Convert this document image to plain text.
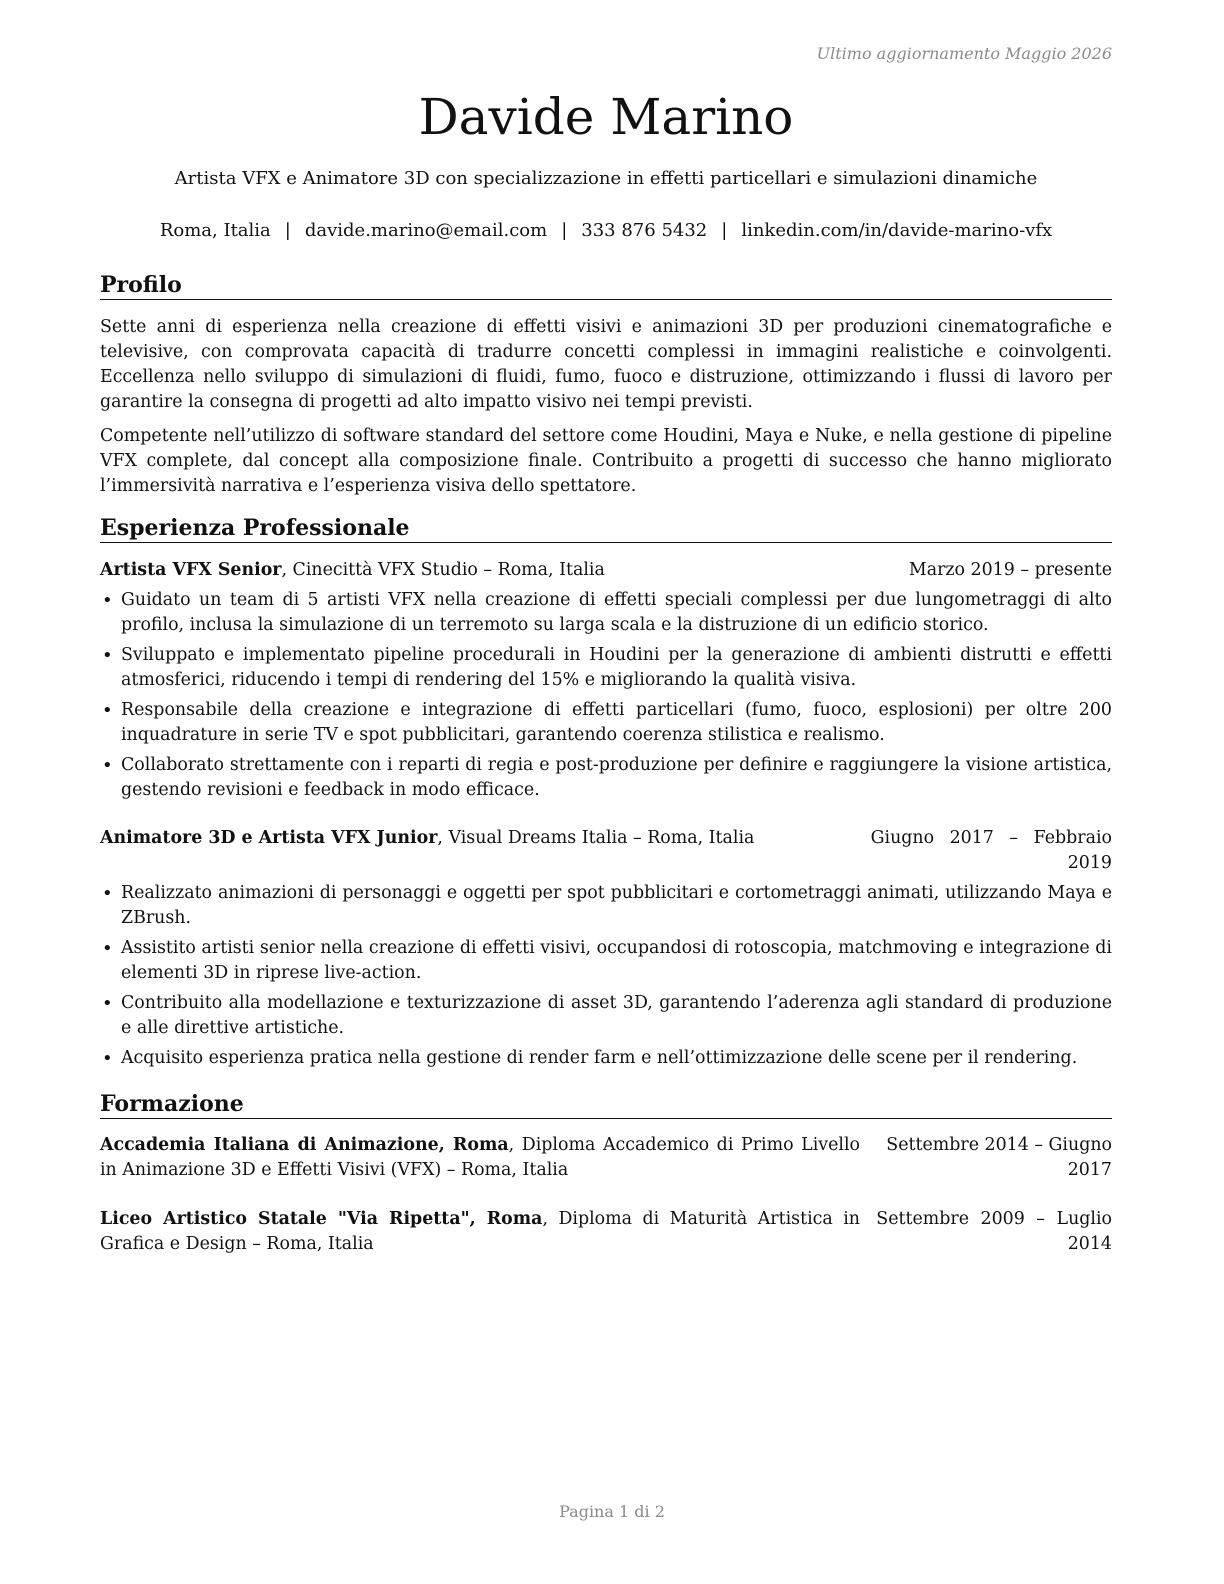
Ultimo aggiornamento Maggio 2026
Davide Marino
Artista VFX e Animatore 3D con specializzazione in effetti particellari e simulazioni dinamiche
Roma, Italia | davide.marino@email.com | 333 876 5432 | linkedin.com/in/davide-marino-vfx
Profilo

Sette anni di esperienza nella creazione di effetti visivi e animazioni 3D per produzioni cinematografiche e televisive, con comprovata capacità di tradurre concetti complessi in immagini realistiche e coinvolgenti. Eccellenza nello sviluppo di simulazioni di fluidi, fumo, fuoco e distruzione, ottimizzando i flussi di lavoro per garantire la consegna di progetti ad alto impatto visivo nei tempi previsti.

Competente nell’utilizzo di software standard del settore come Houdini, Maya e Nuke, e nella gestione di pipeline VFX complete, dal concept alla composizione finale. Contribuito a progetti di successo che hanno migliorato l’immersività narrativa e l’esperienza visiva dello spettatore.

Esperienza Professionale
Artista VFX Senior, Cinecittà VFX Studio – Roma, Italia	Marzo 2019 – presente
• Guidato un team di 5 artisti VFX nella creazione di effetti speciali complessi per due lungometraggi di alto profilo, inclusa la simulazione di un terremoto su larga scala e la distruzione di un edificio storico.
• Sviluppato e implementato pipeline procedurali in Houdini per la generazione di ambienti distrutti e effetti atmosferici, riducendo i tempi di rendering del 15% e migliorando la qualità visiva.
• Responsabile della creazione e integrazione di effetti particellari (fumo, fuoco, esplosioni) per oltre 200 inquadrature in serie TV e spot pubblicitari, garantendo coerenza stilistica e realismo.
• Collaborato strettamente con i reparti di regia e post-produzione per definire e raggiungere la visione artistica, gestendo revisioni e feedback in modo efficace.
Animatore 3D e Artista VFX Junior, Visual Dreams Italia – Roma, Italia	Giugno 2017 – Febbraio
2019
• Realizzato animazioni di personaggi e oggetti per spot pubblicitari e cortometraggi animati, utilizzando Maya e ZBrush.
• Assistito artisti senior nella creazione di effetti visivi, occupandosi di rotoscopia, matchmoving e integrazione di elementi 3D in riprese live-action.
• Contribuito alla modellazione e texturizzazione di asset 3D, garantendo l’aderenza agli standard di produzione e alle direttive artistiche.
• Acquisito esperienza pratica nella gestione di render farm e nell’ottimizzazione delle scene per il rendering.
Formazione
Accademia Italiana di Animazione, Roma, Diploma Accademico di Primo Livello in Animazione 3D e Effetti Visivi (VFX) – Roma, Italia
Settembre 2014 – Giugno
2017
Liceo Artistico Statale "Via Ripetta", Roma, Diploma di Maturità Artistica in Grafica e Design – Roma, Italia
Settembre 2009 – Luglio
2014
Pagina 1 di 2
